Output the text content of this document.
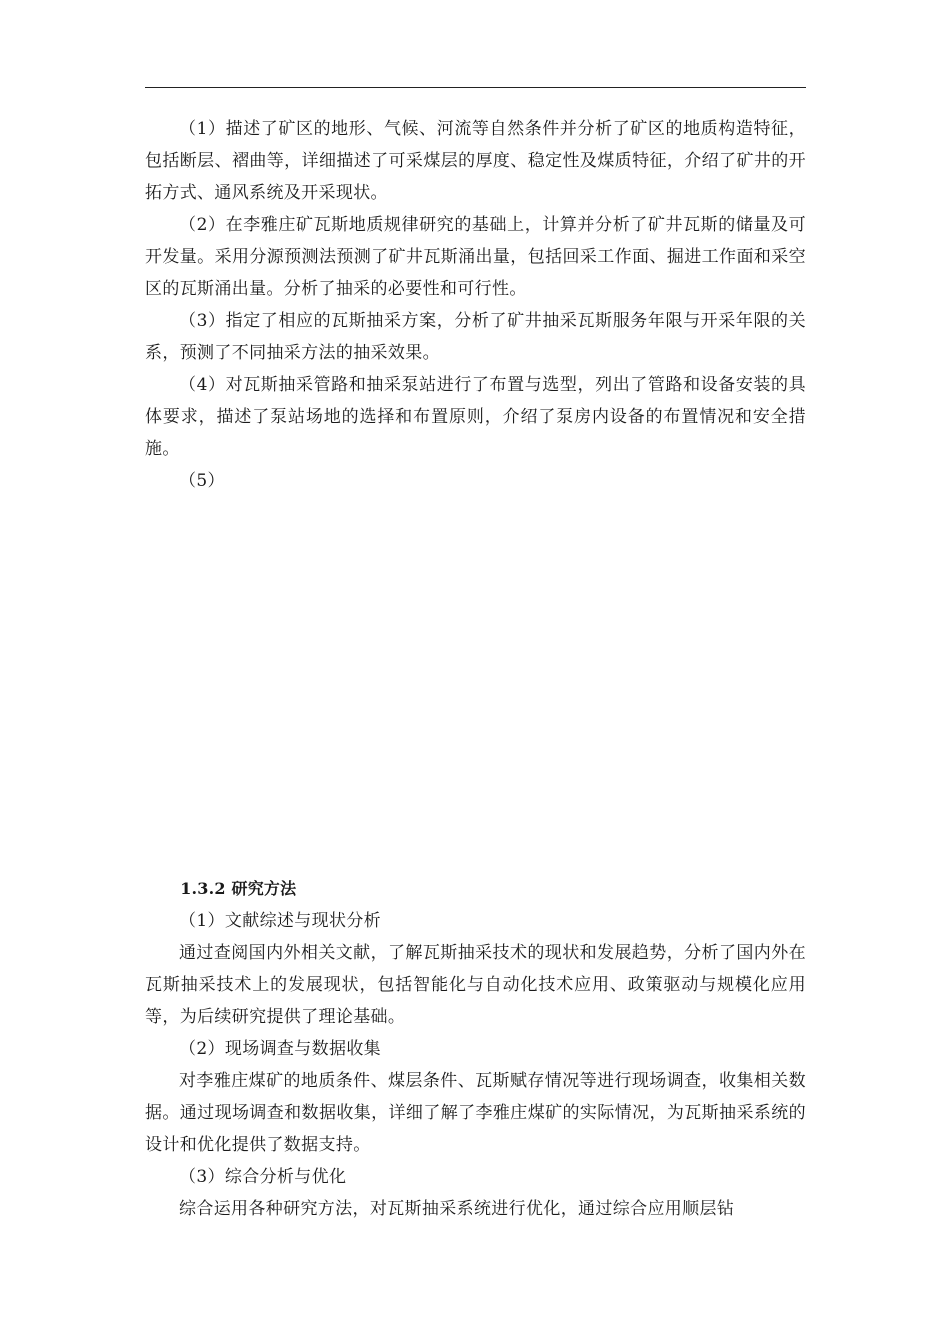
（1）描述了矿区的地形、气候、河流等自然条件并分析了矿区的地质构造特征，包括断层、褶曲等，详细描述了可采煤层的厚度、稳定性及煤质特征，介绍了矿井的开拓方式、通风系统及开采现状。

（2）在李雅庄矿瓦斯地质规律研究的基础上，计算并分析了矿井瓦斯的储量及可开发量。采用分源预测法预测了矿井瓦斯涌出量，包括回采工作面、掘进工作面和采空区的瓦斯涌出量。分析了抽采的必要性和可行性。

（3）指定了相应的瓦斯抽采方案，分析了矿井抽采瓦斯服务年限与开采年限的关系，预测了不同抽采方法的抽采效果。

（4）对瓦斯抽采管路和抽采泵站进行了布置与选型，列出了管路和设备安装的具体要求，描述了泵站场地的选择和布置原则，介绍了泵房内设备的布置情况和安全措施。

（5）

1.3.2 研究方法

（1）文献综述与现状分析

通过查阅国内外相关文献，了解瓦斯抽采技术的现状和发展趋势，分析了国内外在瓦斯抽采技术上的发展现状，包括智能化与自动化技术应用、政策驱动与规模化应用等，为后续研究提供了理论基础。

（2）现场调查与数据收集

对李雅庄煤矿的地质条件、煤层条件、瓦斯赋存情况等进行现场调查，收集相关数据。通过现场调查和数据收集，详细了解了李雅庄煤矿的实际情况，为瓦斯抽采系统的设计和优化提供了数据支持。

（3）综合分析与优化

综合运用各种研究方法，对瓦斯抽采系统进行优化，通过综合应用顺层钻
